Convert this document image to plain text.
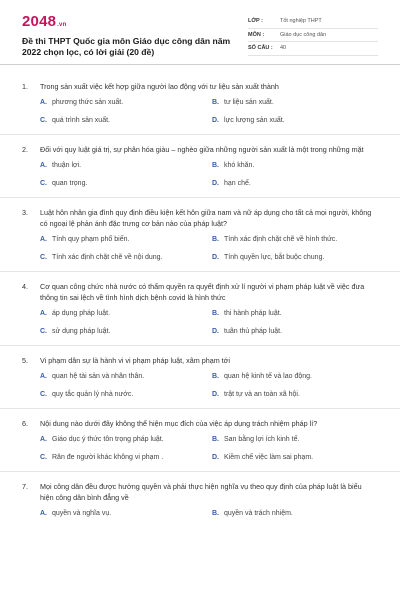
2048.vn
Đề thi THPT Quốc gia môn Giáo dục công dân năm 2022 chọn lọc, có lời giải (20 đề)
LỚP :	Tốt nghiệp THPT
MÔN :	Giáo dục công dân
SỐ CÂU :	40
1.	Trong sản xuất việc kết hợp giữa người lao động với tư liệu sản xuất thành
A. phương thức sản xuất.	B. tư liệu sản xuất.
C. quá trình sản xuất.	D. lực lượng sản xuất.
2.	Đối với quy luật giá trị, sự phân hóa giàu – nghèo giữa những người sản xuất là một trong những mặt
A. thuận lợi.	B. khó khăn.
C. quan trọng.	D. hạn chế.
3.	Luật hôn nhân gia đình quy định điều kiện kết hôn giữa nam và nữ áp dụng cho tất cả mọi người, không có ngoại lệ phản ánh đặc trưng cơ bản nào của pháp luật?
A. Tính quy phạm phổ biến.	B. Tính xác định chặt chẽ về hình thức.
C. Tính xác định chặt chẽ về nội dung.	D. Tính quyền lực, bắt buộc chung.
4.	Cơ quan công chức nhà nước có thẩm quyền ra quyết định xử lí người vi phạm pháp luật về việc đưa thông tin sai lệch về tình hình dịch bệnh covid là hình thức
A. áp dụng pháp luật.	B. thi hành pháp luật.
C. sử dụng pháp luật.	D. tuân thủ pháp luật.
5.	Vi phạm dân sự là hành vi vi phạm pháp luật, xâm phạm tới
A. quan hệ tài sản và nhân thân.	B. quan hệ kinh tế và lao động.
C. quy tắc quản lý nhà nước.	D. trật tự và an toàn xã hội.
6.	Nội dung nào dưới đây không thể hiện mục đích của việc áp dụng trách nhiệm pháp lí?
A. Giáo dục ý thức tôn trọng pháp luật.	B. San bằng lợi ích kinh tế.
C. Răn đe người khác không vi phạm .	D. Kiềm chế việc làm sai phạm.
7.	Mọi công dân đều được hưởng quyền và phải thực hiện nghĩa vụ theo quy định của pháp luật là biểu hiện công dân bình đẳng về
A. quyền và nghĩa vụ.	B. quyền và trách nhiệm.
